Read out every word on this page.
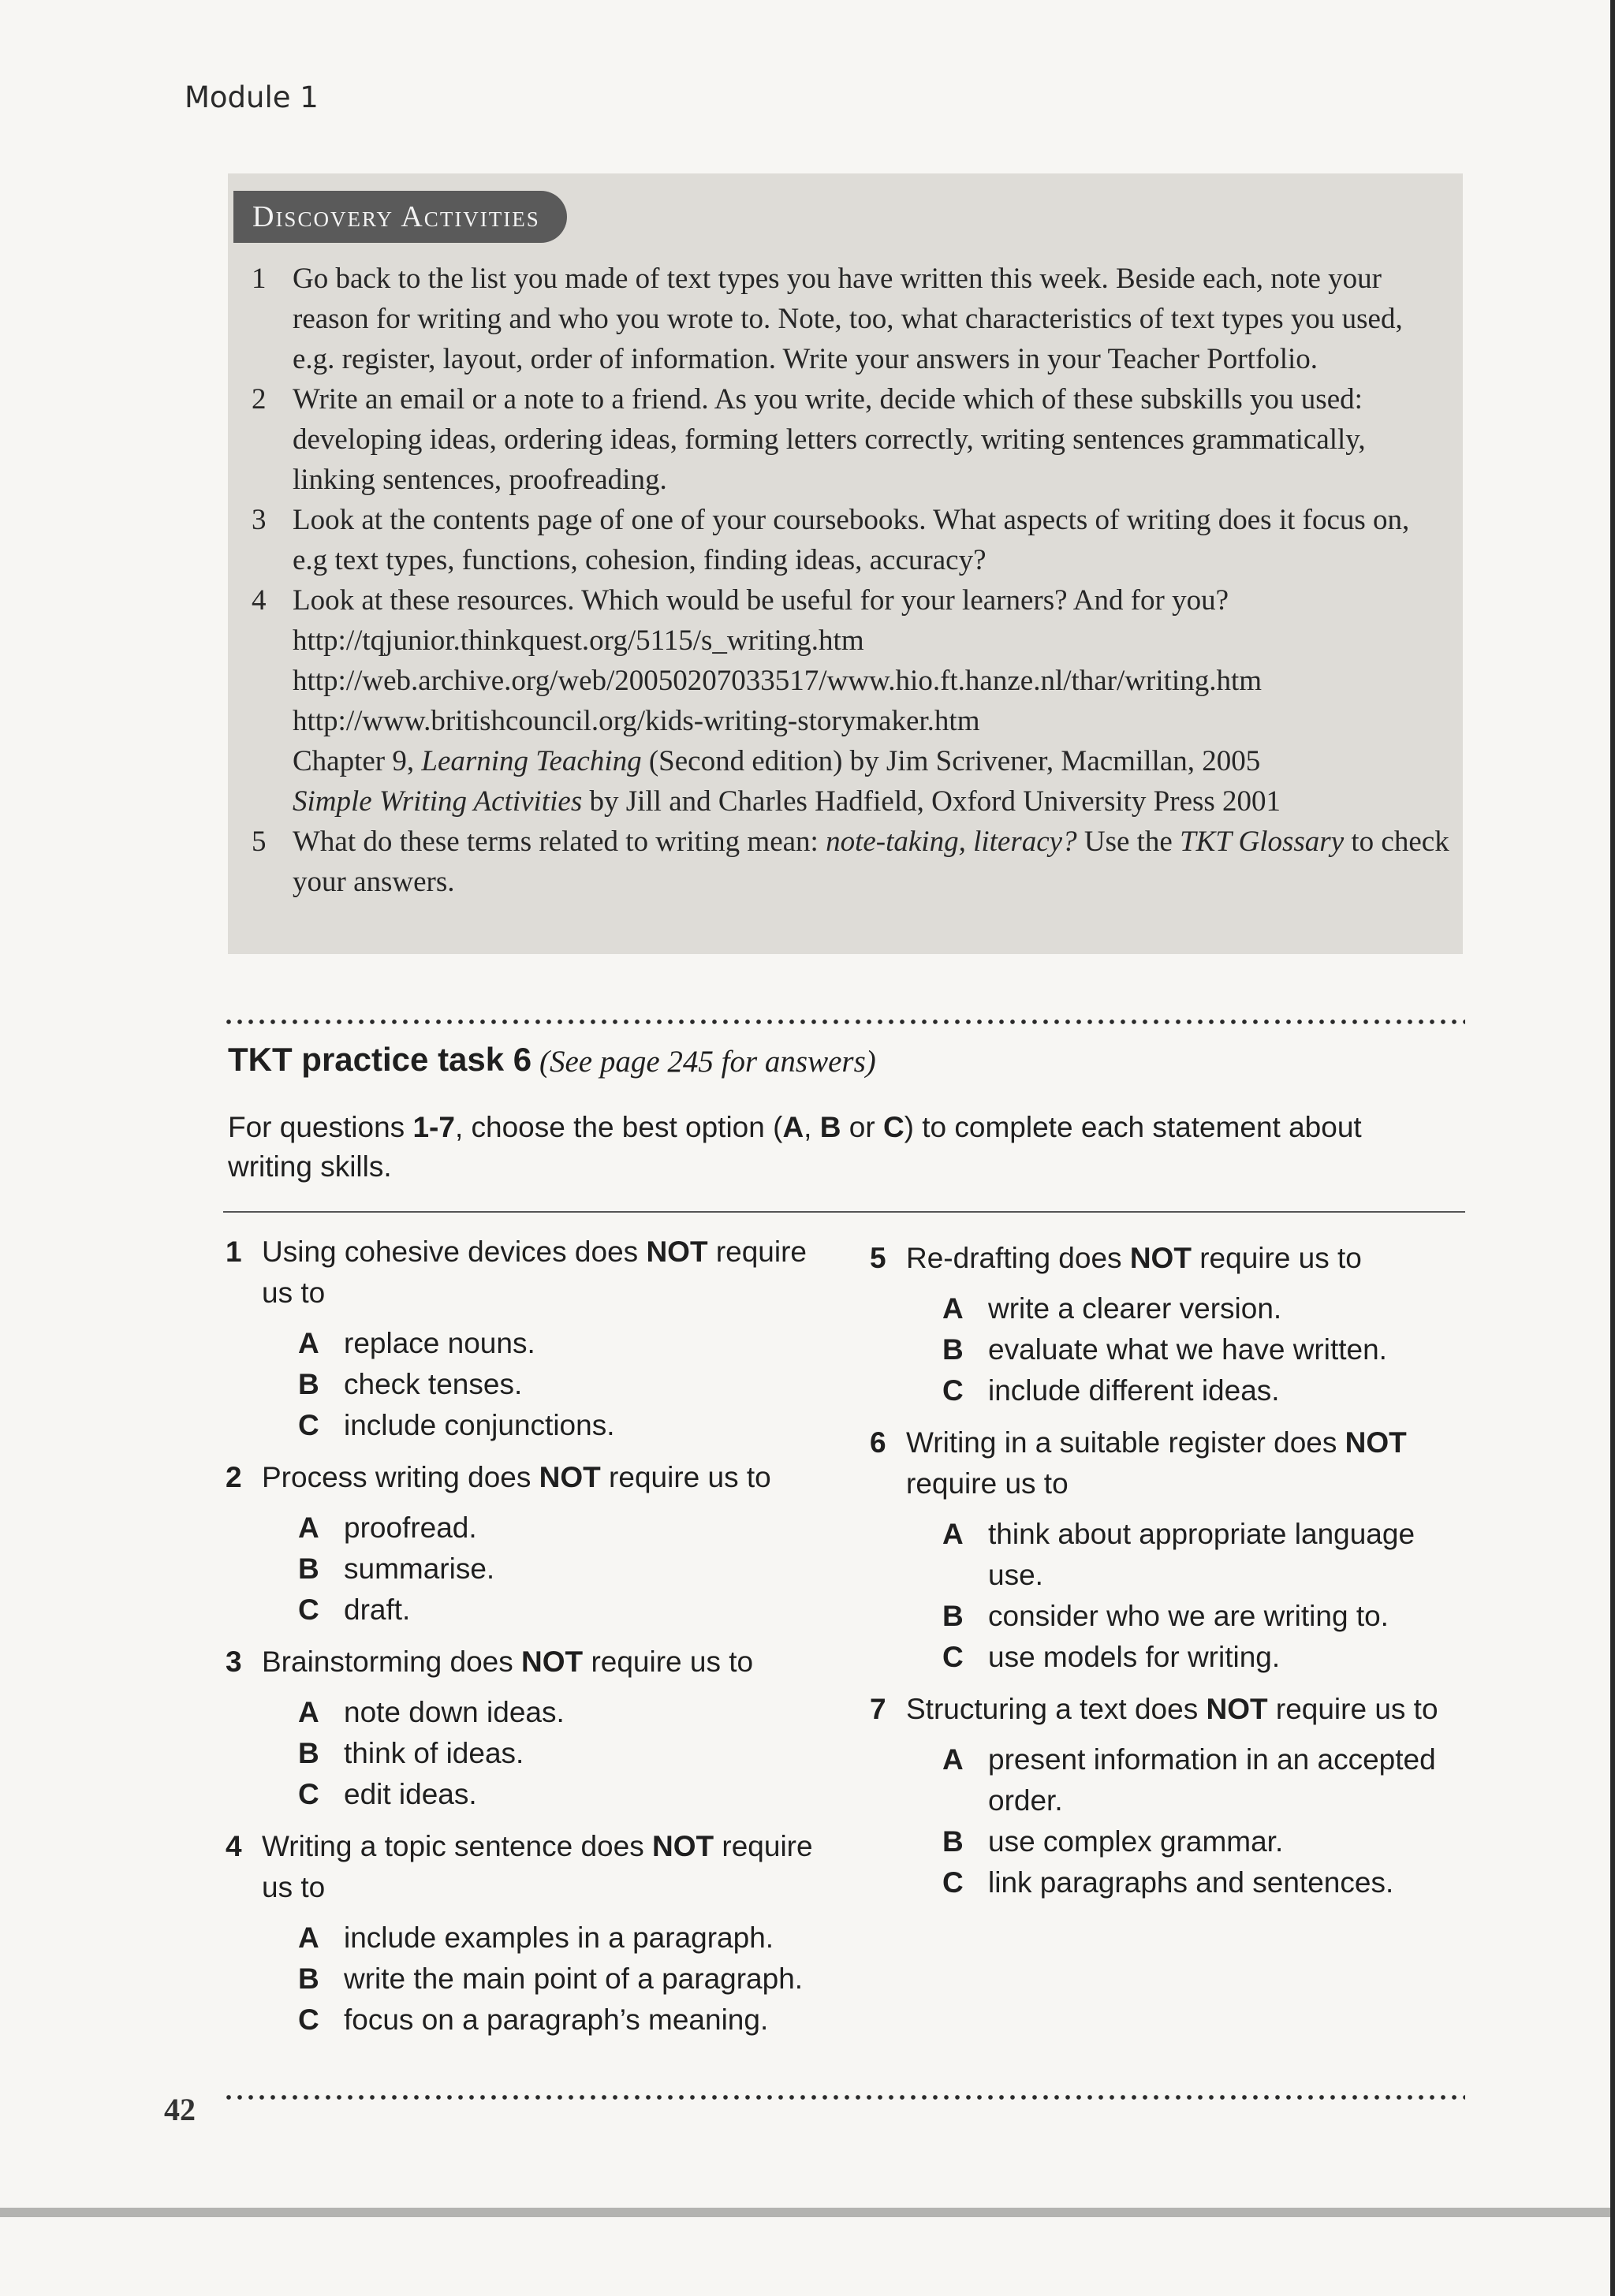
Module 1
Discovery Activities
1 Go back to the list you made of text types you have written this week. Beside each, note your reason for writing and who you wrote to. Note, too, what characteristics of text types you used, e.g. register, layout, order of information. Write your answers in your Teacher Portfolio.
2 Write an email or a note to a friend. As you write, decide which of these subskills you used: developing ideas, ordering ideas, forming letters correctly, writing sentences grammatically, linking sentences, proofreading.
3 Look at the contents page of one of your coursebooks. What aspects of writing does it focus on, e.g text types, functions, cohesion, finding ideas, accuracy?
4 Look at these resources. Which would be useful for your learners? And for you?
http://tqjunior.thinkquest.org/5115/s_writing.htm
http://web.archive.org/web/20050207033517/www.hio.ft.hanze.nl/thar/writing.htm
http://www.britishcouncil.org/kids-writing-storymaker.htm
Chapter 9, Learning Teaching (Second edition) by Jim Scrivener, Macmillan, 2005
Simple Writing Activities by Jill and Charles Hadfield, Oxford University Press 2001
5 What do these terms related to writing mean: note-taking, literacy? Use the TKT Glossary to check your answers.
TKT practice task 6 (See page 245 for answers)
For questions 1-7, choose the best option (A, B or C) to complete each statement about writing skills.
1 Using cohesive devices does NOT require us to
A replace nouns.
B check tenses.
C include conjunctions.
2 Process writing does NOT require us to
A proofread.
B summarise.
C draft.
3 Brainstorming does NOT require us to
A note down ideas.
B think of ideas.
C edit ideas.
4 Writing a topic sentence does NOT require us to
A include examples in a paragraph.
B write the main point of a paragraph.
C focus on a paragraph’s meaning.
5 Re-drafting does NOT require us to
A write a clearer version.
B evaluate what we have written.
C include different ideas.
6 Writing in a suitable register does NOT require us to
A think about appropriate language use.
B consider who we are writing to.
C use models for writing.
7 Structuring a text does NOT require us to
A present information in an accepted order.
B use complex grammar.
C link paragraphs and sentences.
42
